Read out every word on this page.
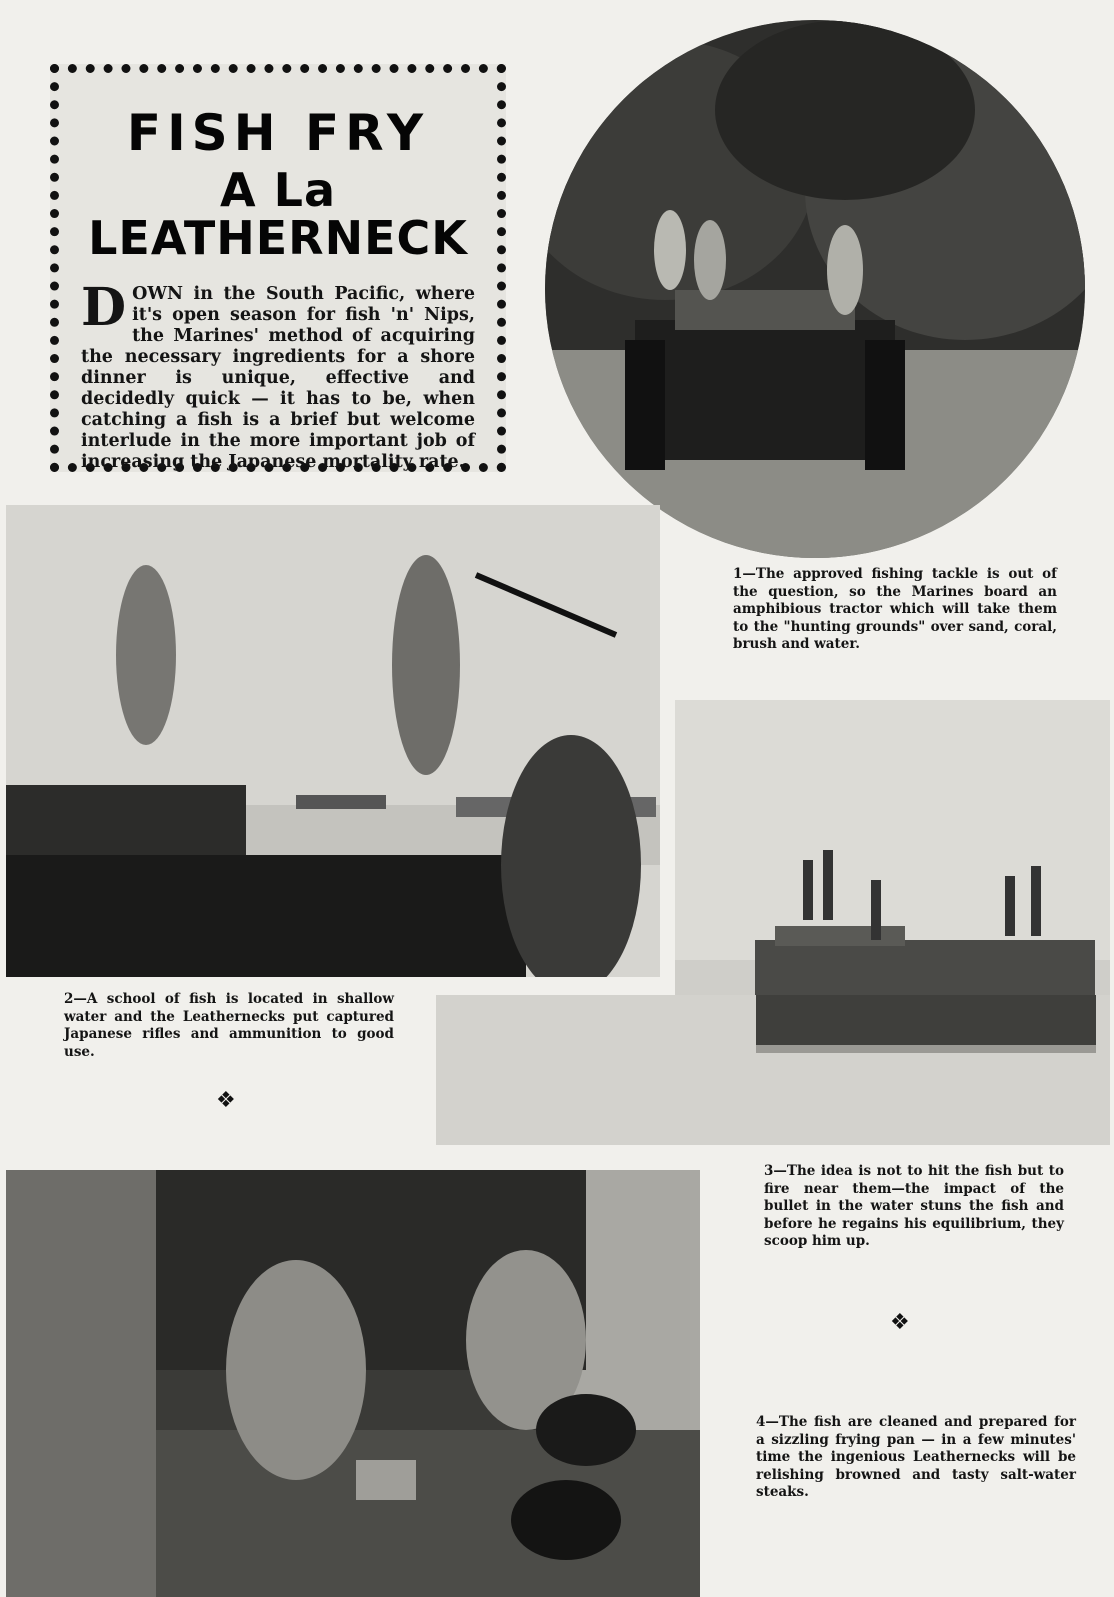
FISH FRY
A La LEATHERNECK

DOWN in the South Pacific, where it's open season for fish 'n' Nips, the Marines' method of acquiring the necessary ingredients for a shore dinner is unique, effective and decidedly quick — it has to be, when catching a fish is a brief but welcome interlude in the more important job of increasing the Japanese mortality rate.

1—The approved fishing tackle is out of the question, so the Marines board an amphibious tractor which will take them to the "hunting grounds" over sand, coral, brush and water.

2—A school of fish is located in shallow water and the Leathernecks put captured Japanese rifles and ammunition to good use.

3—The idea is not to hit the fish but to fire near them—the impact of the bullet in the water stuns the fish and before he regains his equilibrium, they scoop him up.

4—The fish are cleaned and prepared for a sizzling frying pan — in a few minutes' time the ingenious Leathernecks will be relishing browned and tasty salt-water steaks.

❖
❖
